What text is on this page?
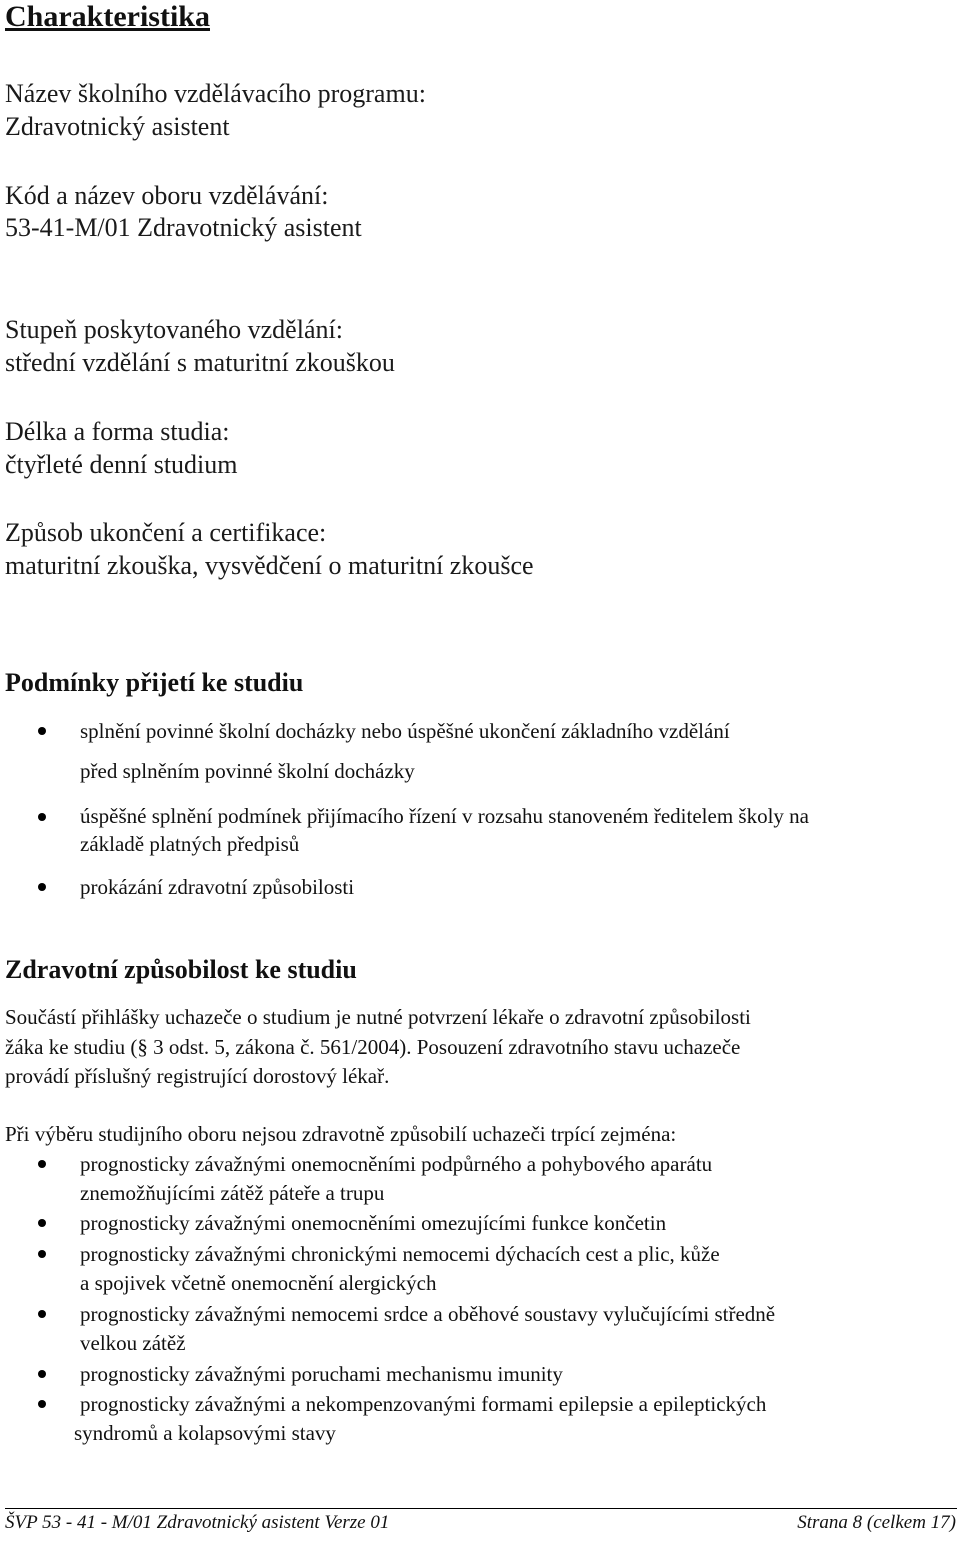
Charakteristika
Název školního vzdělávacího programu:
Zdravotnický asistent
Kód a název oboru vzdělávání:
53-41-M/01 Zdravotnický asistent
Stupeň poskytovaného vzdělání:
střední vzdělání s maturitní zkouškou
Délka a forma studia:
čtyřleté denní studium
Způsob ukončení a certifikace:
maturitní zkouška, vysvědčení o maturitní zkoušce
Podmínky přijetí ke studiu
splnění povinné školní docházky nebo úspěšné ukončení základního vzdělání
před splněním povinné školní docházky
úspěšné splnění podmínek přijímacího řízení v rozsahu stanoveném ředitelem školy na
základě platných předpisů
prokázání zdravotní způsobilosti
Zdravotní způsobilost ke studiu
Součástí přihlášky uchazeče o studium je nutné potvrzení lékaře o zdravotní způsobilosti
žáka ke studiu (§ 3 odst. 5, zákona č. 561/2004). Posouzení zdravotního stavu uchazeče
provádí příslušný registrující dorostový lékař.
Při výběru studijního oboru nejsou zdravotně způsobilí uchazeči trpící zejména:
prognosticky závažnými onemocněními podpůrného a pohybového aparátu
znemožňujícími zátěž páteře a trupu
prognosticky závažnými onemocněními omezujícími funkce končetin
prognosticky závažnými chronickými nemocemi dýchacích cest a plic, kůže
a spojivek včetně onemocnění alergických
prognosticky závažnými nemocemi srdce a oběhové soustavy vylučujícími středně
velkou zátěž
prognosticky závažnými poruchami mechanismu imunity
prognosticky závažnými a nekompenzovanými formami epilepsie a epileptických
syndromů a kolapsovými stavy
ŠVP 53 - 41 - M/01 Zdravotnický asistent Verze 01	Strana 8 (celkem 17)
